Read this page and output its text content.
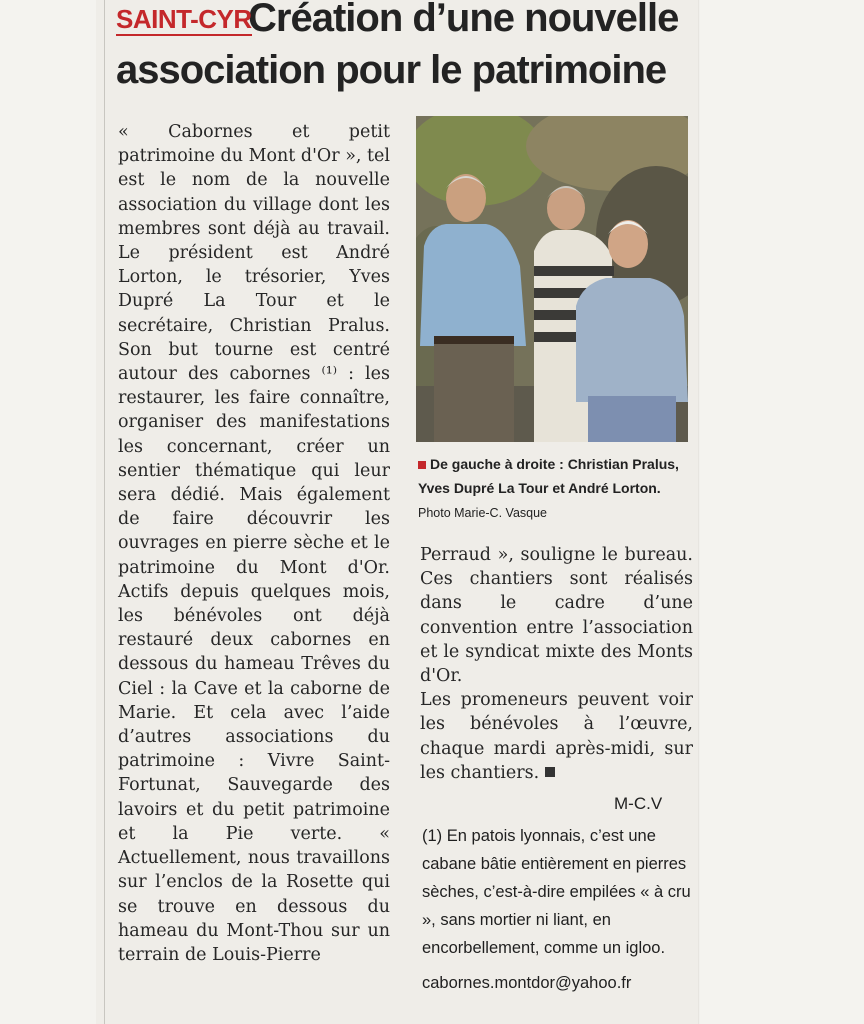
Création d’une nouvelle
association pour le patrimoine
SAINT-CYR

« Cabornes et petit patrimoine du Mont d'Or », tel est le nom de la nouvelle association du village dont les membres sont déjà au travail. Le président est André Lorton, le trésorier, Yves Dupré La Tour et le secrétaire, Christian Pralus. Son but tourne est centré autour des cabornes ⁽¹⁾ : les restaurer, les faire connaître, organiser des manifestations les concernant, créer un sentier thématique qui leur sera dédié. Mais également de faire découvrir les ouvrages en pierre sèche et le patrimoine du Mont d'Or. Actifs depuis quelques mois, les bénévoles ont déjà restauré deux cabornes en dessous du hameau Trêves du Ciel : la Cave et la caborne de Marie. Et cela avec l’aide d’autres associations du patrimoine : Vivre Saint-Fortunat, Sauvegarde des lavoirs et du petit patrimoine et la Pie verte. « Actuellement, nous travaillons sur l’enclos de la Rosette qui se trouve en dessous du hameau du Mont-Thou sur un terrain de Louis-Pierre

De gauche à droite : Christian Pralus, Yves Dupré La Tour et André Lorton. Photo Marie-C. Vasque

Perraud », souligne le bureau. Ces chantiers sont réalisés dans le cadre d’une convention entre l’association et le syndicat mixte des Monts d'Or.

Les promeneurs peuvent voir les bénévoles à l’œuvre, chaque mardi après-midi, sur les chantiers.

M-C.V
(1) En patois lyonnais, c’est une cabane bâtie entièrement en pierres sèches, c’est-à-dire empilées « à cru », sans mortier ni liant, en encorbellement, comme un igloo.
cabornes.montdor@yahoo.fr
